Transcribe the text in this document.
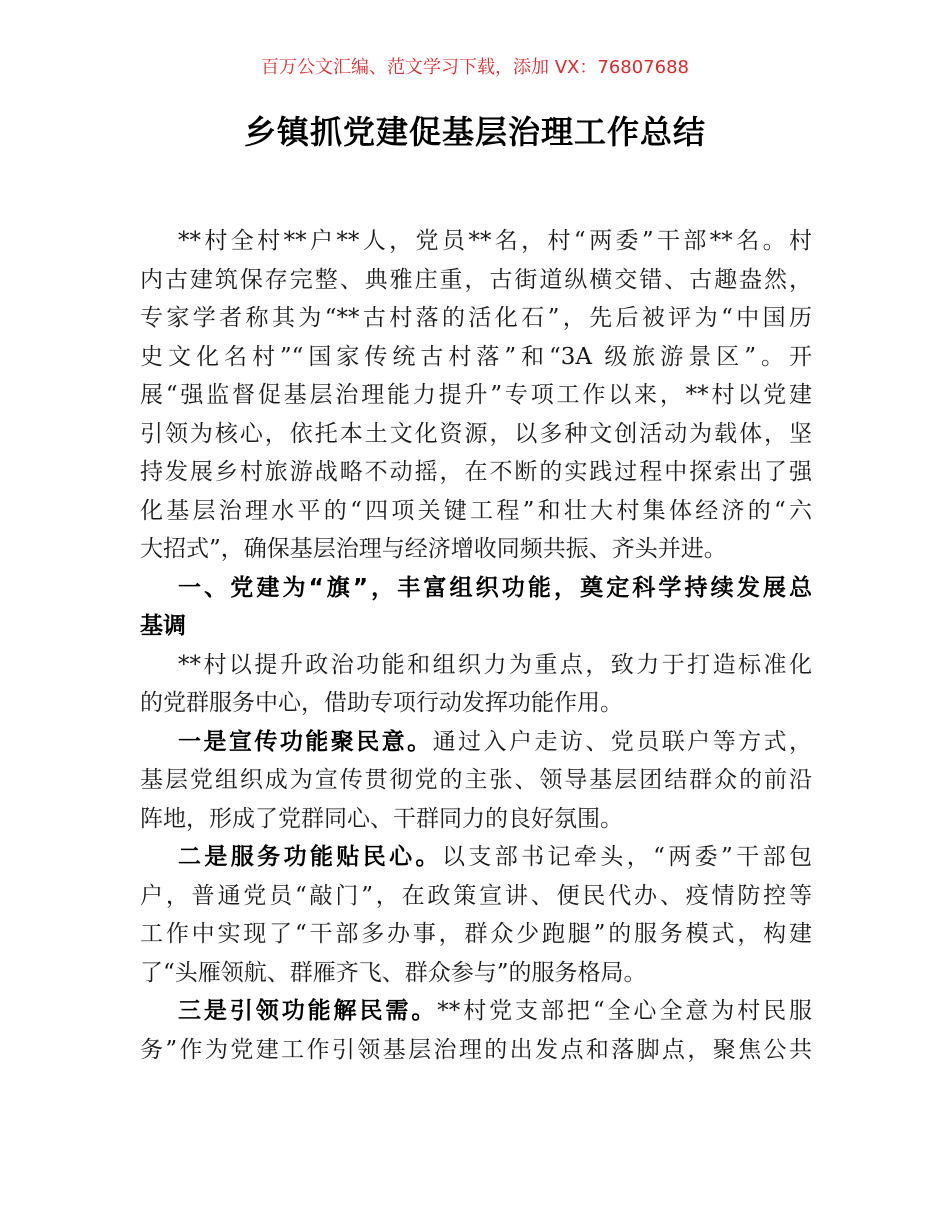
百万公文汇编、范文学习下载，添加 VX：76807688
乡镇抓党建促基层治理工作总结
**村全村**户**人，党员**名，村“两委”干部**名。村
内古建筑保存完整、典雅庄重，古街道纵横交错、古趣盎然，
专家学者称其为“**古村落的活化石”，先后被评为“中国历
史文化名村”“国家传统古村落”和“3A 级旅游景区”。开
展“强监督促基层治理能力提升”专项工作以来，**村以党建
引领为核心，依托本土文化资源，以多种文创活动为载体，坚
持发展乡村旅游战略不动摇，在不断的实践过程中探索出了强
化基层治理水平的“四项关键工程”和壮大村集体经济的“六
大招式”，确保基层治理与经济增收同频共振、齐头并进。
一、党建为“旗”，丰富组织功能，奠定科学持续发展总
基调
**村以提升政治功能和组织力为重点，致力于打造标准化
的党群服务中心，借助专项行动发挥功能作用。
一是宣传功能聚民意。通过入户走访、党员联户等方式，
基层党组织成为宣传贯彻党的主张、领导基层团结群众的前沿
阵地，形成了党群同心、干群同力的良好氛围。
二是服务功能贴民心。以支部书记牵头，“两委”干部包
户，普通党员“敲门”，在政策宣讲、便民代办、疫情防控等
工作中实现了“干部多办事，群众少跑腿”的服务模式，构建
了“头雁领航、群雁齐飞、群众参与”的服务格局。
三是引领功能解民需。**村党支部把“全心全意为村民服
务”作为党建工作引领基层治理的出发点和落脚点，聚焦公共
